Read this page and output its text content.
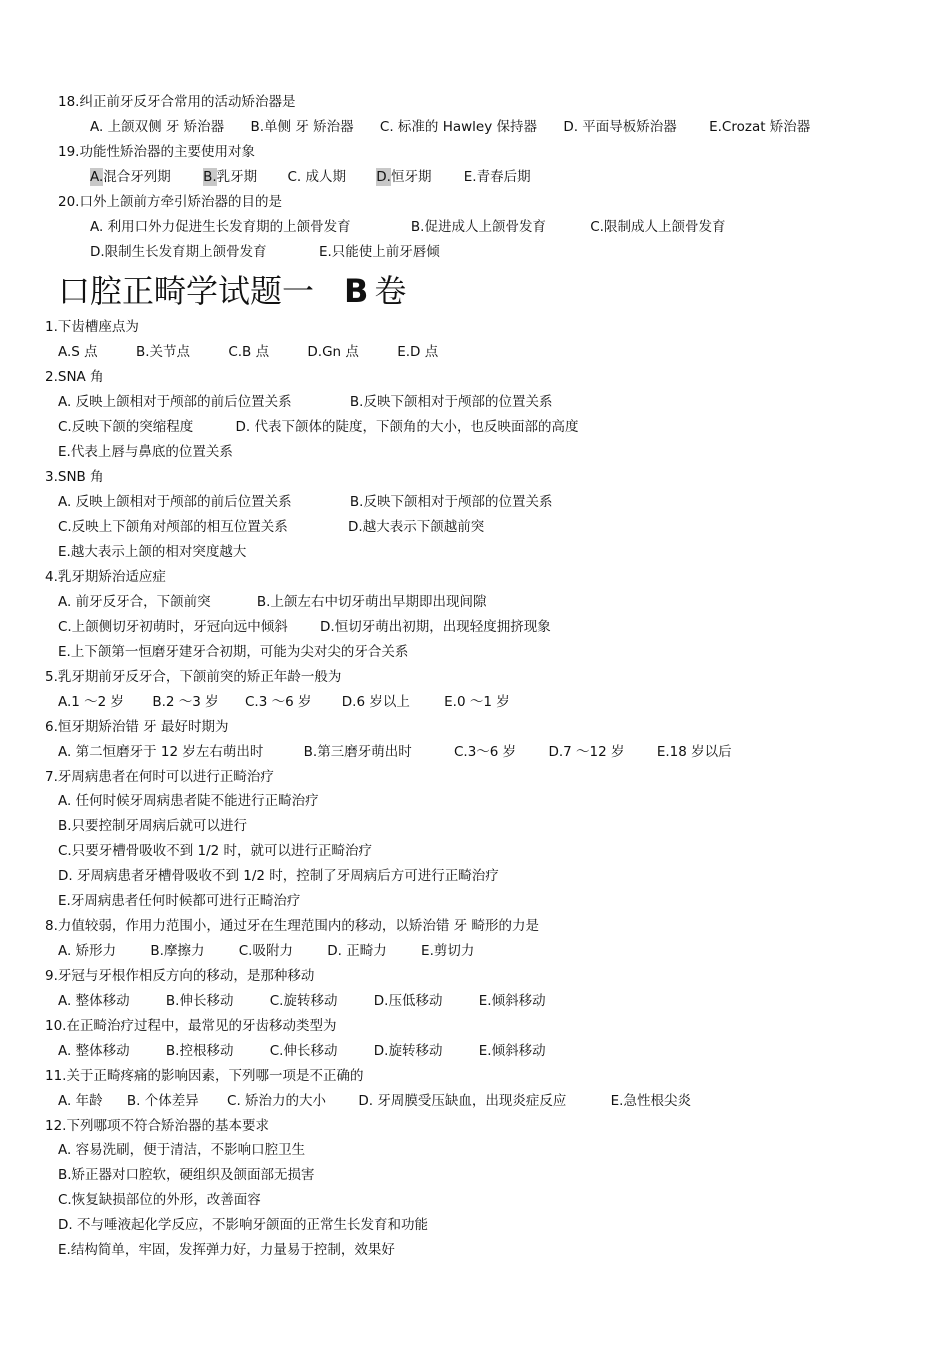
18.纠正前牙反牙合常用的活动矫治器是
A. 上颌双侧 牙 矫治器 B.单侧 牙 矫治器 C. 标准的 Hawley 保持器 D. 平面导板矫治器 E.Crozat 矫治器
19.功能性矫治器的主要使用对象
A.混合牙列期 B.乳牙期 C. 成人期 D.恒牙期 E.青春后期
20.口外上颌前方牵引矫治器的目的是
A. 利用口外力促进生长发育期的上颌骨发育	B.促进成人上颌骨发育	C.限制成人上颌骨发育
D.限制生长发育期上颌骨发育	E.只能使上前牙唇倾
口腔正畸学试题一 B 卷
1.下齿槽座点为
A.S 点	B.关节点	C.B 点	D.Gn 点	E.D 点
2.SNA 角
A. 反映上颌相对于颅部的前后位置关系	B.反映下颌相对于颅部的位置关系
C.反映下颌的突缩程度	D. 代表下颌体的陡度，下颌角的大小，也反映面部的高度
E.代表上唇与鼻底的位置关系
3.SNB 角
A. 反映上颌相对于颅部的前后位置关系	B.反映下颌相对于颅部的位置关系
C.反映上下颌角对颅部的相互位置关系	D.越大表示下颌越前突
E.越大表示上颌的相对突度越大
4.乳牙期矫治适应症
A. 前牙反牙合，下颌前突	B.上颌左右中切牙萌出早期即出现间隙
C.上颌侧切牙初萌时，牙冠向远中倾斜 D.恒切牙萌出初期，出现轻度拥挤现象
E.上下颌第一恒磨牙建牙合初期，可能为尖对尖的牙合关系
5.乳牙期前牙反牙合，下颌前突的矫正年龄一般为
A.1 ～2 岁 B.2 ～3 岁 C.3 ～6 岁 D.6 岁以上	E.0 ～1 岁
6.恒牙期矫治错 牙 最好时期为
A. 第二恒磨牙于 12 岁左右萌出时	B.第三磨牙萌出时	C.3～6 岁 D.7 ～12 岁 E.18 岁以后
7.牙周病患者在何时可以进行正畸治疗
A. 任何时候牙周病患者陡不能进行正畸治疗
B.只要控制牙周病后就可以进行
C.只要牙槽骨吸收不到 1/2 时，就可以进行正畸治疗
D. 牙周病患者牙槽骨吸收不到 1/2 时，控制了牙周病后方可进行正畸治疗
E.牙周病患者任何时候都可进行正畸治疗
8.力值较弱，作用力范围小，通过牙在生理范围内的移动，以矫治错 牙 畸形的力是
A. 矫形力	B.摩擦力	C.吸附力	D. 正畸力	E.剪切力
9.牙冠与牙根作相反方向的移动，是那种移动
A. 整体移动	B.伸长移动	C.旋转移动	D.压低移动	E.倾斜移动
10.在正畸治疗过程中，最常见的牙齿移动类型为
A. 整体移动	B.控根移动	C.伸长移动	D.旋转移动	E.倾斜移动
11.关于正畸疼痛的影响因素，下列哪一项是不正确的
A. 年龄 B. 个体差异 C. 矫治力的大小 D. 牙周膜受压缺血，出现炎症反应	E.急性根尖炎
12.下列哪项不符合矫治器的基本要求
A. 容易洗刷，便于清洁，不影响口腔卫生
B.矫正器对口腔软，硬组织及颌面部无损害
C.恢复缺损部位的外形，改善面容
D. 不与唾液起化学反应，不影响牙颌面的正常生长发育和功能
E.结构简单，牢固，发挥弹力好，力量易于控制，效果好
